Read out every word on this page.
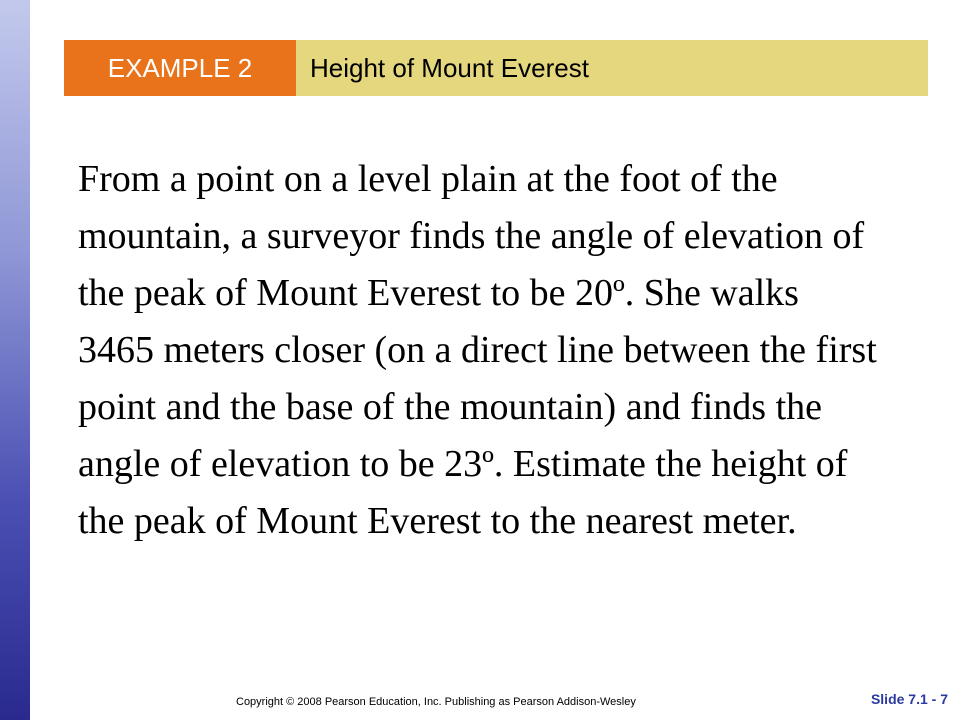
EXAMPLE 2	Height of Mount Everest

From a point on a level plain at the foot of the mountain, a surveyor finds the angle of elevation of the peak of Mount Everest to be 20º. She walks 3465 meters closer (on a direct line between the first point and the base of the mountain) and finds the angle of elevation to be 23º. Estimate the height of the peak of Mount Everest to the nearest meter.

Copyright © 2008 Pearson Education, Inc. Publishing as Pearson Addison-Wesley	Slide 7.1 - 7
